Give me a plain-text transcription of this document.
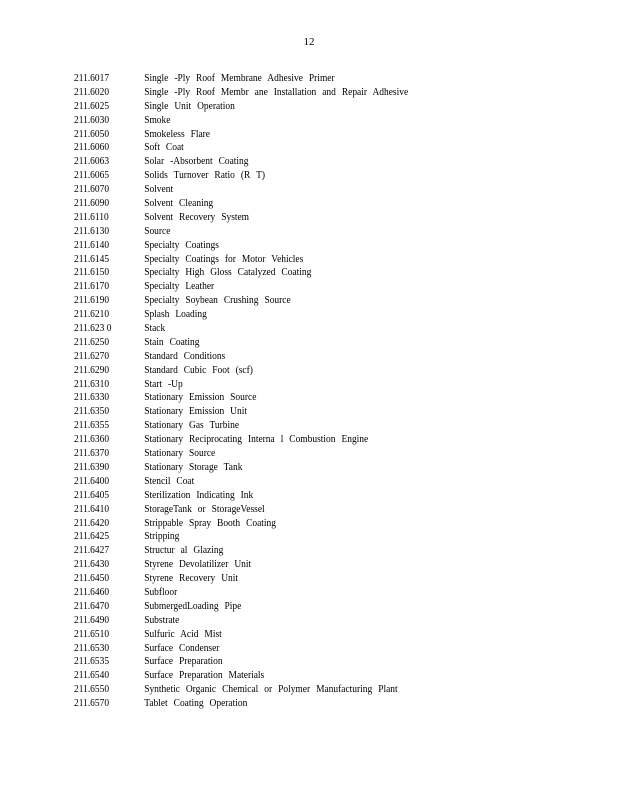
12
211.6017	Single -Ply Roof Membrane Adhesive Primer
211.6020	Single -Ply Roof Membr ane Installation and Repair Adhesive
211.6025	Single Unit Operation
211.6030	Smoke
211.6050	Smokeless Flare
211.6060	Soft Coat
211.6063	Solar -Absorbent Coating
211.6065	Solids Turnover Ratio (R T)
211.6070	Solvent
211.6090	Solvent Cleaning
211.6110	Solvent Recovery System
211.6130	Source
211.6140	Specialty Coatings
211.6145	Specialty Coatings for Motor Vehicles
211.6150	Specialty High Gloss Catalyzed Coating
211.6170	Specialty Leather
211.6190	Specialty Soybean Crushing Source
211.6210	Splash Loading
211.623 0	Stack
211.6250	Stain Coating
211.6270	Standard Conditions
211.6290	Standard Cubic Foot (scf)
211.6310	Start -Up
211.6330	Stationary Emission Source
211.6350	Stationary Emission Unit
211.6355	Stationary Gas Turbine
211.6360	Stationary Reciprocating Interna l Combustion Engine
211.6370	Stationary Source
211.6390	Stationary Storage Tank
211.6400	Stencil Coat
211.6405	Sterilization Indicating Ink
211.6410	StorageTank or StorageVessel
211.6420	Strippable Spray Booth Coating
211.6425	Stripping
211.6427	Structur al Glazing
211.6430	Styrene Devolatilizer Unit
211.6450	Styrene Recovery Unit
211.6460	Subfloor
211.6470	SubmergedLoading Pipe
211.6490	Substrate
211.6510	Sulfuric Acid Mist
211.6530	Surface Condenser
211.6535	Surface Preparation
211.6540	Surface Preparation Materials
211.6550	Synthetic Organic Chemical or Polymer Manufacturing Plant
211.6570	Tablet Coating Operation
